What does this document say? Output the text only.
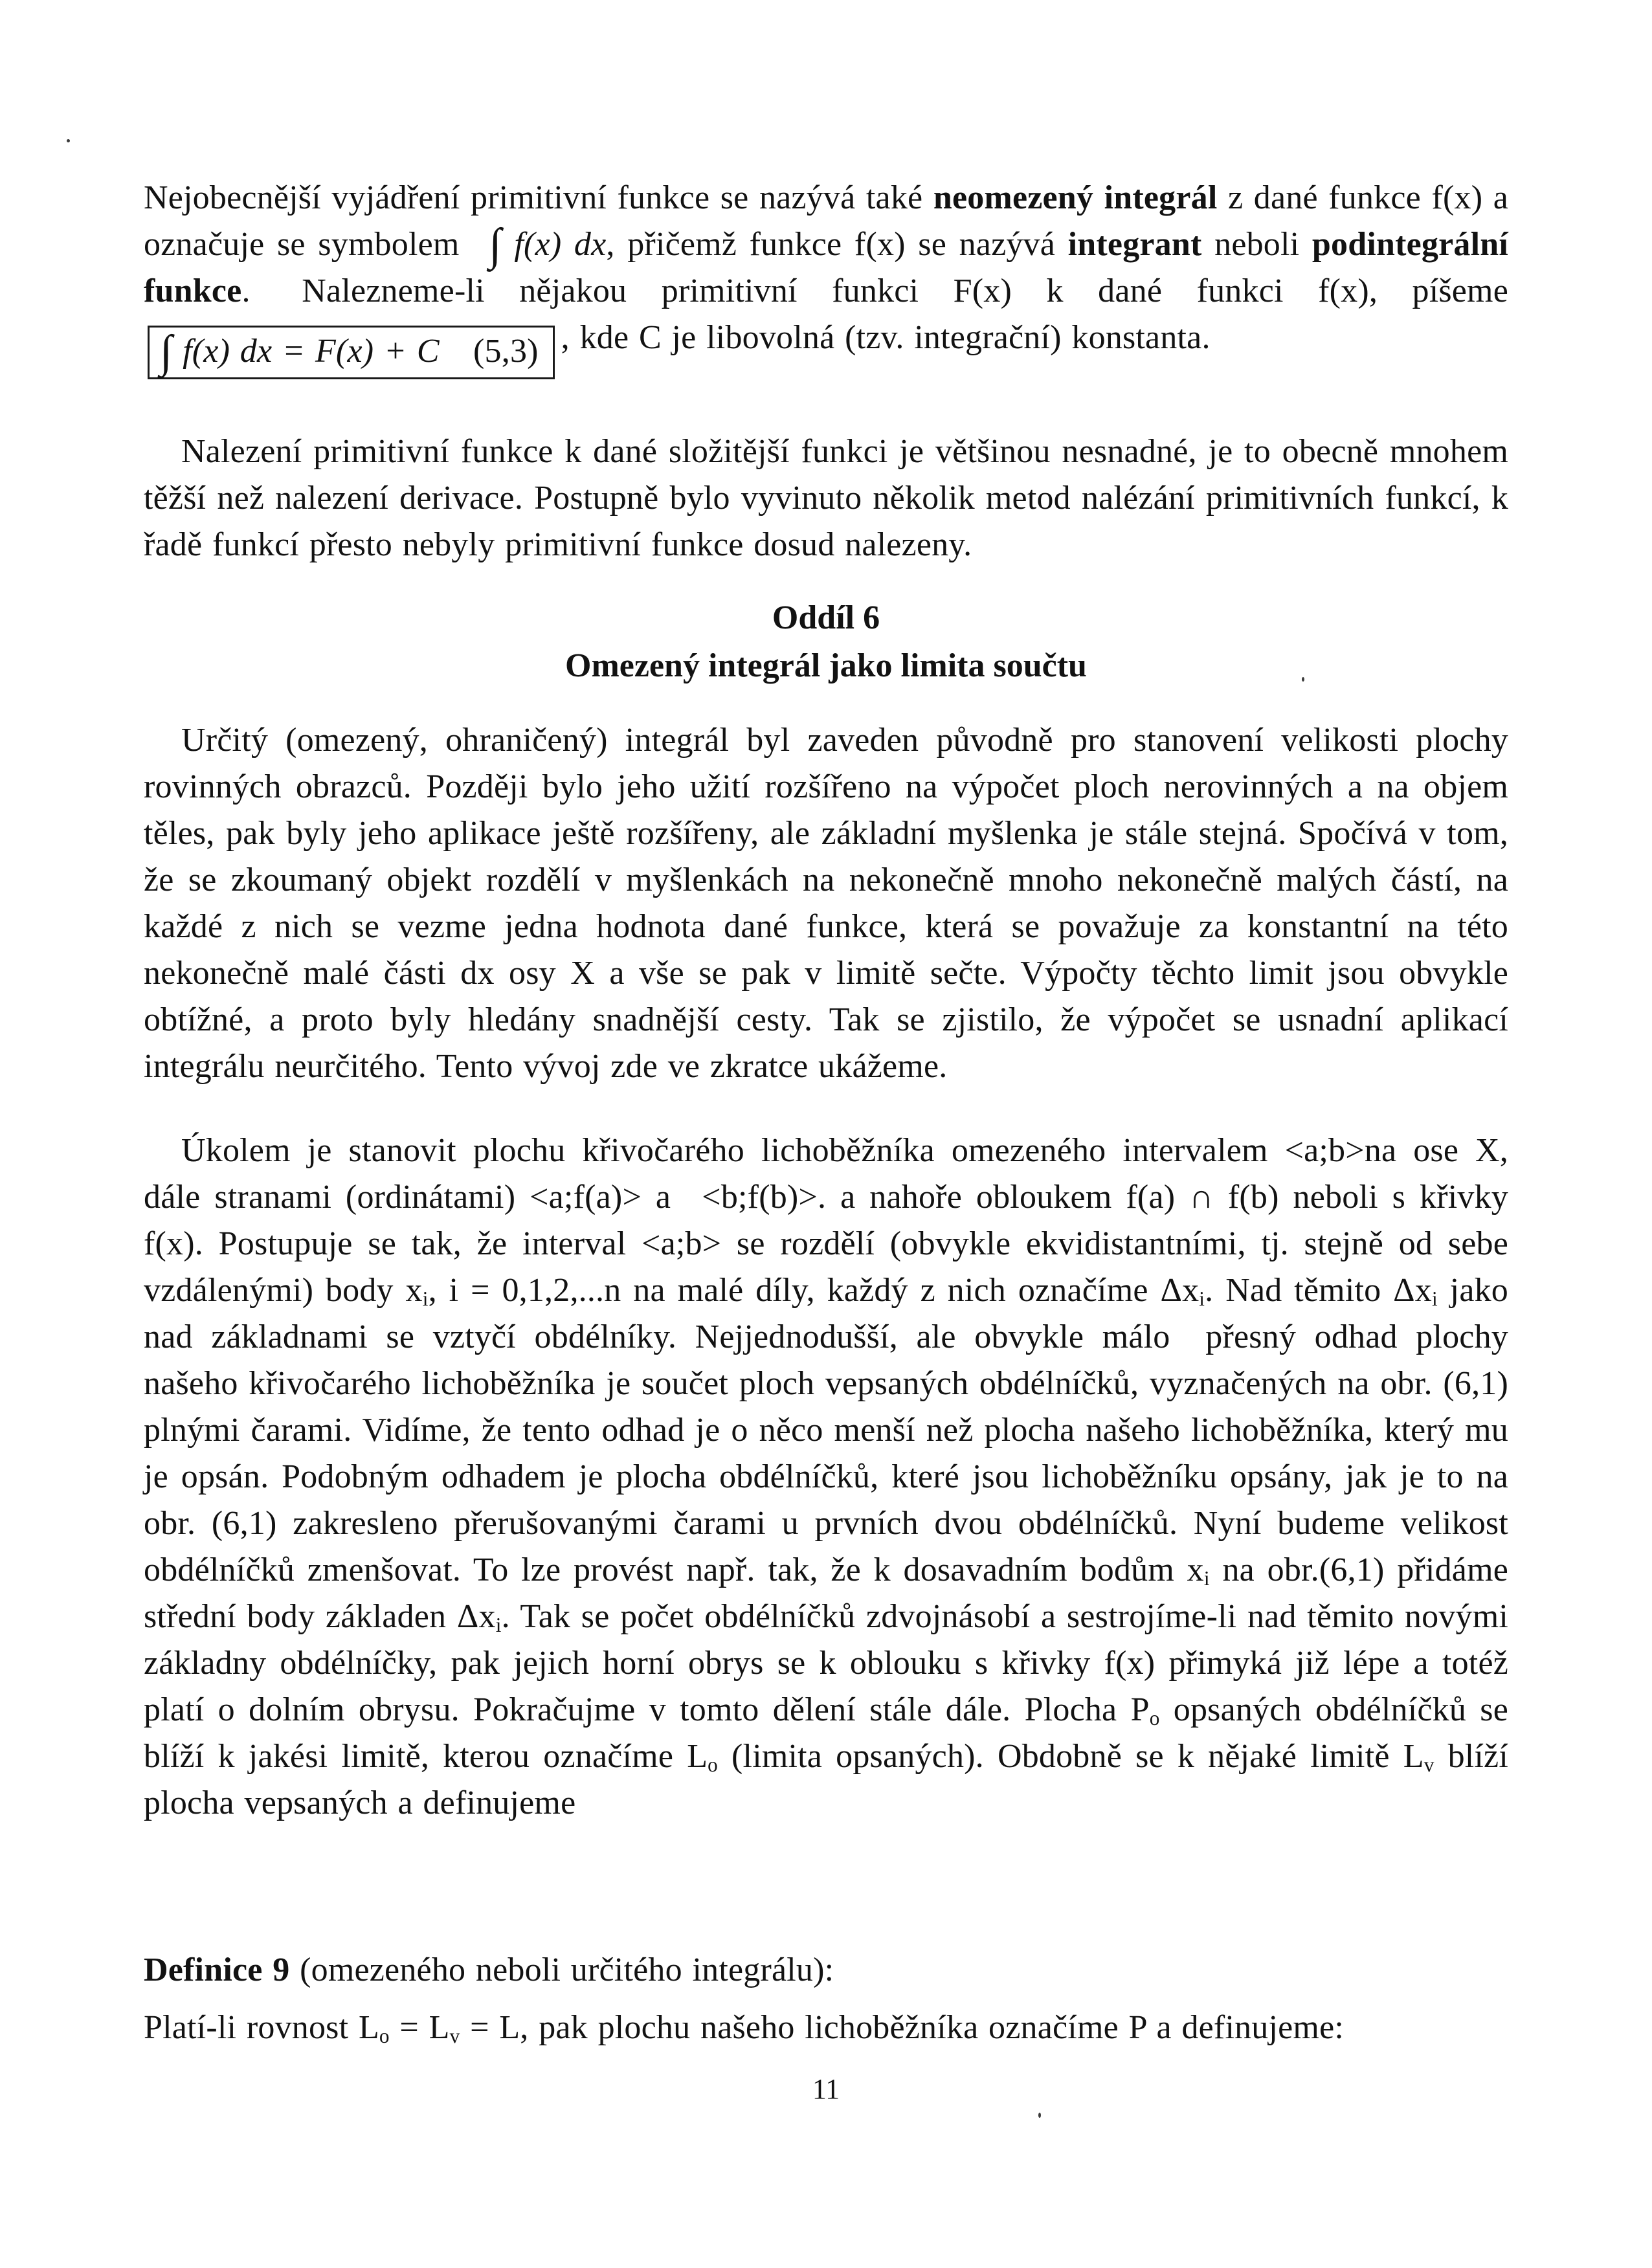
Nejobecnější vyjádření primitivní funkce se nazývá také neomezený integrál z dané funkce f(x) a označuje se symbolem  ∫ f(x) dx, přičemž funkce f(x) se nazývá integrant neboli podintegrální funkce.  Nalezneme-li nějakou primitivní funkci F(x) k dané funkci f(x), píšeme ∫ f(x) dx = F(x) + C (5,3) , kde C je libovolná (tzv. integrační) konstanta.
Nalezení primitivní funkce k dané složitější funkci je většinou nesnadné, je to obecně mnohem těžší než nalezení derivace. Postupně bylo vyvinuto několik metod nalézání primitivních funkcí, k řadě funkcí přesto nebyly primitivní funkce dosud nalezeny.
Oddíl 6
Omezený integrál jako limita součtu
Určitý (omezený, ohraničený) integrál byl zaveden původně pro stanovení velikosti plochy rovinných obrazců. Později bylo jeho užití rozšířeno na výpočet ploch nerovinných a na objem těles, pak byly jeho aplikace ještě rozšířeny, ale základní myšlenka je stále stejná. Spočívá v tom, že se zkoumaný objekt rozdělí v myšlenkách na nekonečně mnoho nekonečně malých částí, na každé z nich se vezme jedna hodnota dané funkce, která se považuje za konstantní na této nekonečně malé části dx osy X a vše se pak v limitě sečte. Výpočty těchto limit jsou obvykle obtížné, a proto byly hledány snadnější cesty. Tak se zjistilo, že výpočet se usnadní aplikací integrálu neurčitého. Tento vývoj zde ve zkratce ukážeme.
Úkolem je stanovit plochu křivočarého lichoběžníka omezeného intervalem <a;b>na ose X, dále stranami (ordinátami) <a;f(a)> a  <b;f(b)>. a nahoře obloukem f(a) ∩ f(b) neboli s křivky f(x). Postupuje se tak, že interval <a;b> se rozdělí (obvykle ekvidistantními, tj. stejně od sebe vzdálenými) body $x_i$, i = 0,1,2,...n na malé díly, každý z nich označíme $\Delta x_i$. Nad těmito $\Delta x_i$ jako nad základnami se vztyčí obdélníky. Nejjednodušší, ale obvykle málo  přesný odhad plochy našeho křivočarého lichoběžníka je součet ploch vepsaných obdélníčků, vyznačených na obr. (6,1) plnými čarami. Vidíme, že tento odhad je o něco menší než plocha našeho lichoběžníka, který mu je opsán. Podobným odhadem je plocha obdélníčků, které jsou lichoběžníku opsány, jak je to na obr. (6,1) zakresleno přerušovanými čarami u prvních dvou obdélníčků. Nyní budeme velikost obdélníčků zmenšovat. To lze provést např. tak, že k dosavadním bodům $x_i$ na obr.(6,1) přidáme střední body základen $\Delta x_i$. Tak se počet obdélníčků zdvojnásobí a sestrojíme-li nad těmito novými základny obdélníčky, pak jejich horní obrys se k oblouku s křivky f(x) přimyká již lépe a totéž platí o dolním obrysu. Pokračujme v tomto dělení stále dále. Plocha $P_o$ opsaných obdélníčků se blíží k jakési limitě, kterou označíme $L_o$ (limita opsaných). Obdobně se k nějaké limitě $L_v$ blíží plocha vepsaných a definujeme
Definice 9 (omezeného neboli určitého integrálu):
Platí-li rovnost $L_o = L_v = L$, pak plochu našeho lichoběžníka označíme P a definujeme:
11
